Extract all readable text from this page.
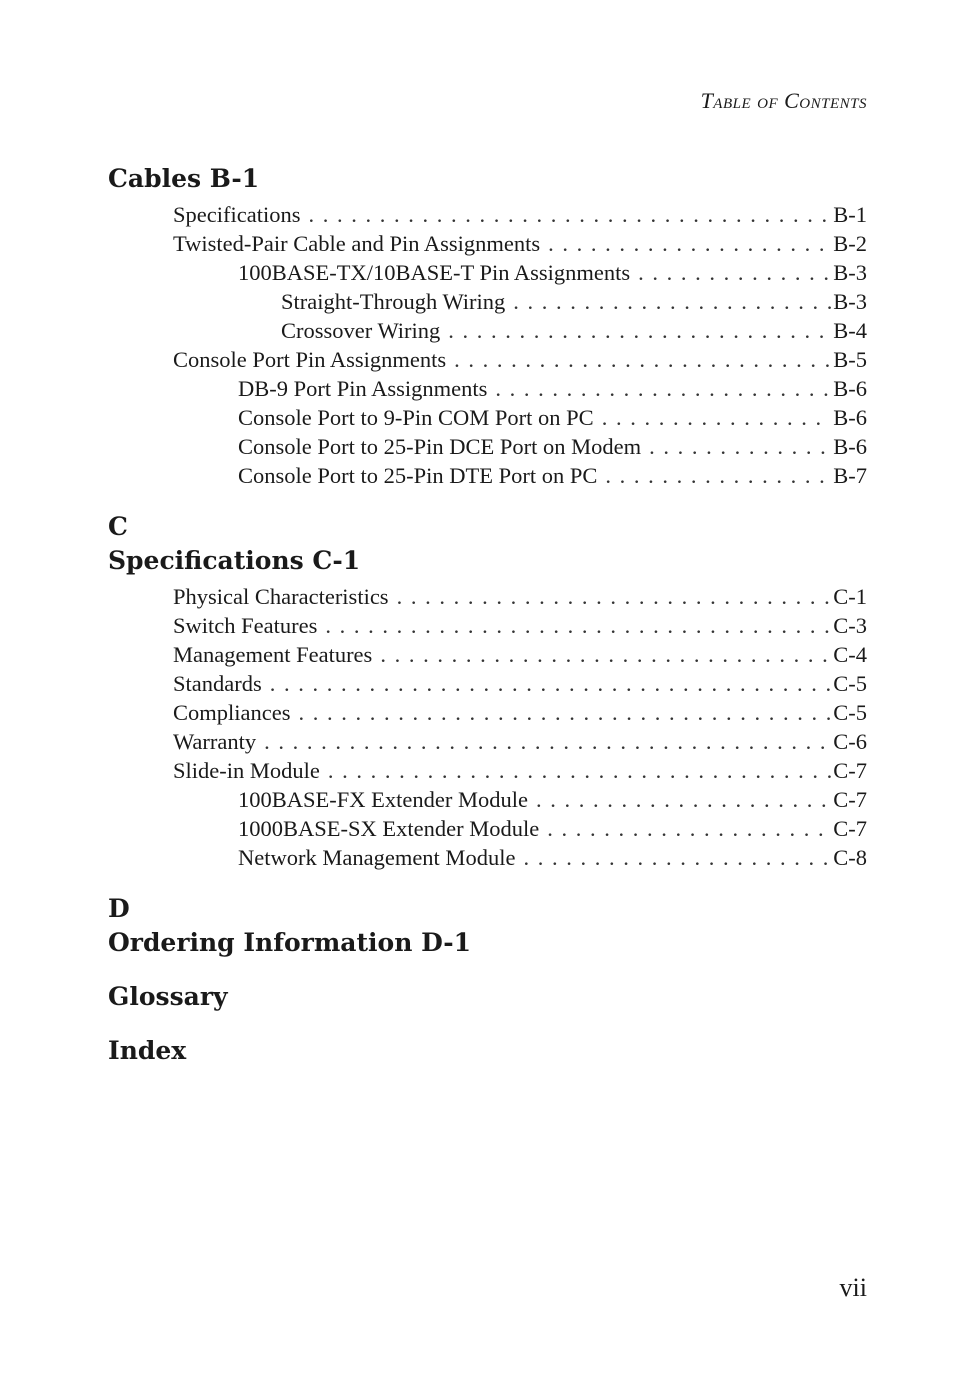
Table of Contents
Cables B-1
Specifications . . .	B-1
Twisted-Pair Cable and Pin Assignments . . .	B-2
100BASE-TX/10BASE-T Pin Assignments . . .	B-3
Straight-Through Wiring . . .	B-3
Crossover Wiring . . .	B-4
Console Port Pin Assignments . . .	B-5
DB-9 Port Pin Assignments . . .	B-6
Console Port to 9-Pin COM Port on PC . . .	B-6
Console Port to 25-Pin DCE Port on Modem . . .	B-6
Console Port to 25-Pin DTE Port on PC . . .	B-7
C
Specifications C-1
Physical Characteristics . . .	C-1
Switch Features . . .	C-3
Management Features . . .	C-4
Standards . . .	C-5
Compliances . . .	C-5
Warranty . . .	C-6
Slide-in Module . . .	C-7
100BASE-FX Extender Module . . .	C-7
1000BASE-SX Extender Module . . .	C-7
Network Management Module . . .	C-8
D
Ordering Information D-1
Glossary
Index
vii
